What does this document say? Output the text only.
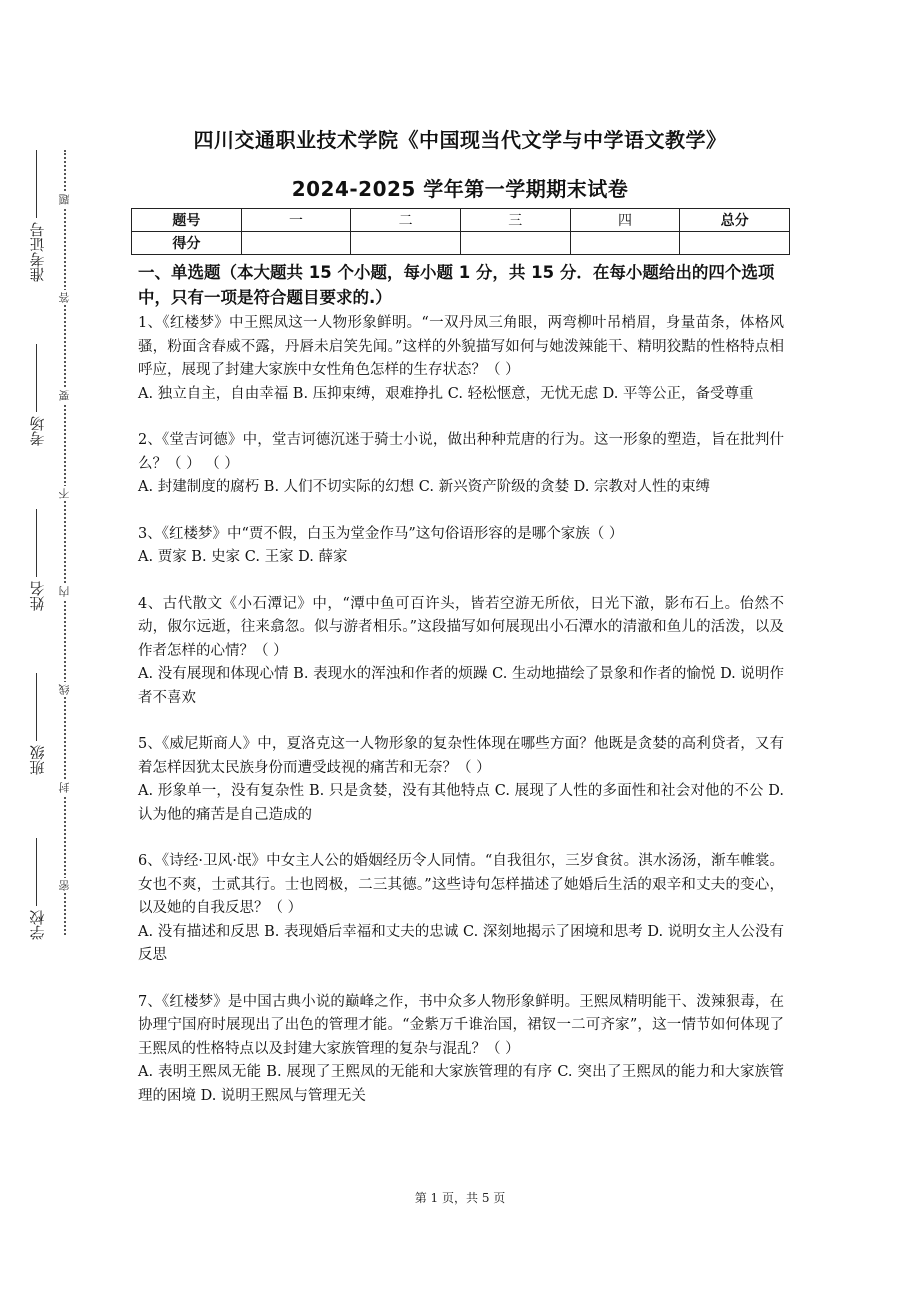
学校
班级
姓名
考场
准考证号
密
封
线
内
不
要
答
题
四川交通职业技术学院《中国现当代文学与中学语文教学》
2024-2025 学年第一学期期末试卷
题号	一	二	三	四	总分
得分					
一、单选题（本大题共 15 个小题，每小题 1 分，共 15 分．在每小题给出的四个选项中，只有一项是符合题目要求的.）

1、《红楼梦》中王熙凤这一人物形象鲜明。“一双丹凤三角眼，两弯柳叶吊梢眉，身量苗条，体格风骚，粉面含春威不露，丹唇未启笑先闻。”这样的外貌描写如何与她泼辣能干、精明狡黠的性格特点相呼应，展现了封建大家族中女性角色怎样的生存状态？（ ）

A. 独立自主，自由幸福 B. 压抑束缚，艰难挣扎 C. 轻松惬意，无忧无虑 D. 平等公正，备受尊重

2、《堂吉诃德》中，堂吉诃德沉迷于骑士小说，做出种种荒唐的行为。这一形象的塑造，旨在批判什么？（ ） （ ）

A. 封建制度的腐朽 B. 人们不切实际的幻想 C. 新兴资产阶级的贪婪 D. 宗教对人性的束缚

3、《红楼梦》中“贾不假，白玉为堂金作马”这句俗语形容的是哪个家族（ ）

A. 贾家 B. 史家 C. 王家 D. 薛家

4、古代散文《小石潭记》中，“潭中鱼可百许头，皆若空游无所依，日光下澈，影布石上。佁然不动，俶尔远逝，往来翕忽。似与游者相乐。”这段描写如何展现出小石潭水的清澈和鱼儿的活泼，以及作者怎样的心情？（ ）

A. 没有展现和体现心情 B. 表现水的浑浊和作者的烦躁 C. 生动地描绘了景象和作者的愉悦 D. 说明作者不喜欢

5、《威尼斯商人》中，夏洛克这一人物形象的复杂性体现在哪些方面？他既是贪婪的高利贷者，又有着怎样因犹太民族身份而遭受歧视的痛苦和无奈？（ ）

A. 形象单一，没有复杂性 B. 只是贪婪，没有其他特点 C. 展现了人性的多面性和社会对他的不公 D. 认为他的痛苦是自己造成的

6、《诗经·卫风·氓》中女主人公的婚姻经历令人同情。“自我徂尔，三岁食贫。淇水汤汤，渐车帷裳。女也不爽，士贰其行。士也罔极，二三其德。”这些诗句怎样描述了她婚后生活的艰辛和丈夫的变心，以及她的自我反思？（ ）

A. 没有描述和反思 B. 表现婚后幸福和丈夫的忠诚 C. 深刻地揭示了困境和思考 D. 说明女主人公没有反思

7、《红楼梦》是中国古典小说的巅峰之作，书中众多人物形象鲜明。王熙凤精明能干、泼辣狠毒，在协理宁国府时展现出了出色的管理才能。“金紫万千谁治国，裙钗一二可齐家”，这一情节如何体现了王熙凤的性格特点以及封建大家族管理的复杂与混乱？（ ）

A. 表明王熙凤无能 B. 展现了王熙凤的无能和大家族管理的有序 C. 突出了王熙凤的能力和大家族管理的困境 D. 说明王熙凤与管理无关

第 1 页，共 5 页
